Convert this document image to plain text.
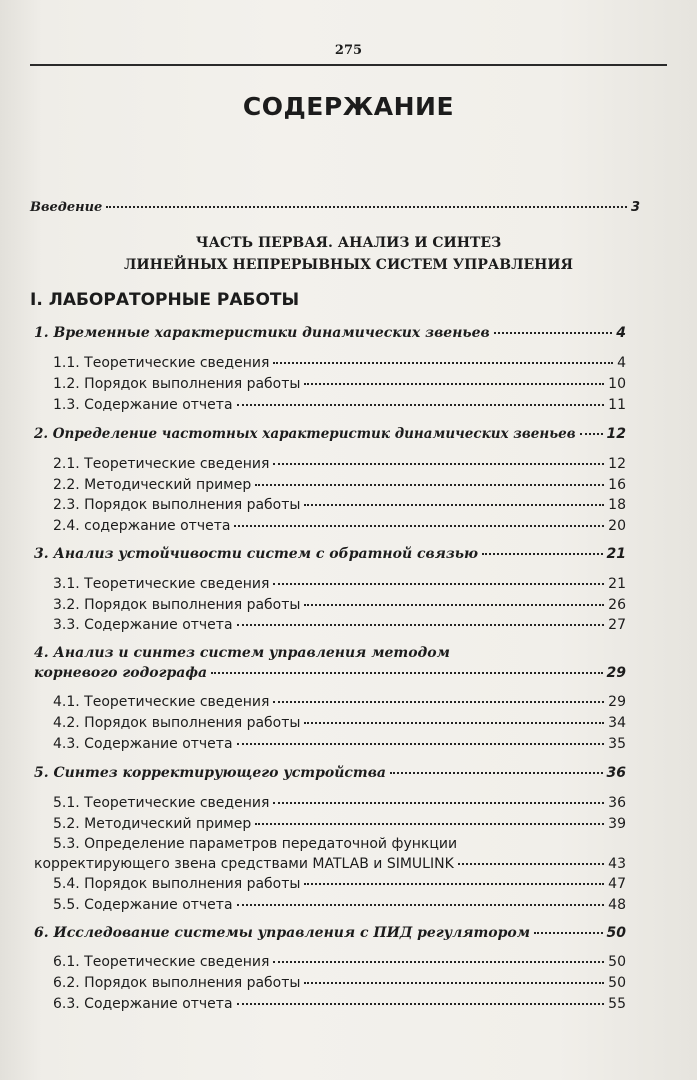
275
СОДЕРЖАНИЕ
Введение	3
ЧАСТЬ ПЕРВАЯ. АНАЛИЗ И СИНТЕЗ
ЛИНЕЙНЫХ НЕПРЕРЫВНЫХ СИСТЕМ УПРАВЛЕНИЯ
I. ЛАБОРАТОРНЫЕ РАБОТЫ
1. Временные характеристики динамических звеньев	4
1.1. Теоретические сведения	4
1.2. Порядок выполнения работы	10
1.3. Содержание отчета	11
2. Определение частотных характеристик динамических звеньев 12
2.1. Теоретические сведения	12
2.2. Методический пример	16
2.3. Порядок выполнения работы	18
2.4. содержание отчета	20
3. Анализ устойчивости систем с обратной связью	21
3.1. Теоретические сведения	21
3.2. Порядок выполнения работы	26
3.3. Содержание отчета	27
4. Анализ и синтез систем управления методом
корневого годографа	29
4.1. Теоретические сведения	29
4.2. Порядок выполнения работы	34
4.3. Содержание отчета	35
5. Синтез корректирующего устройства	36
5.1. Теоретические сведения	36
5.2. Методический пример	39
5.3. Определение параметров передаточной функции
корректирующего звена средствами MATLAB и SIMULINK	43
5.4. Порядок выполнения работы	47
5.5. Содержание отчета	48
6. Исследование системы управления с ПИД регулятором	50
6.1. Теоретические сведения	50
6.2. Порядок выполнения работы	50
6.3. Содержание отчета	55
